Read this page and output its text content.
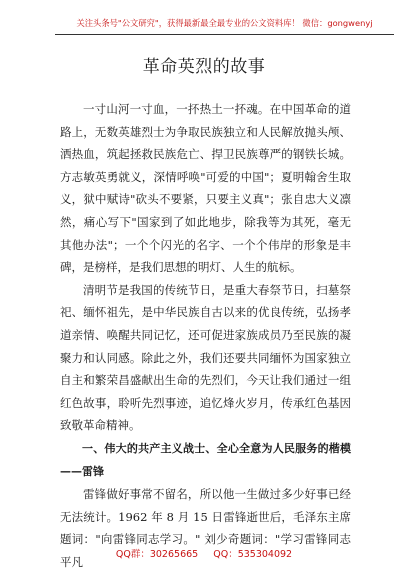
关注头条号"公文研究"，获得最新最全最专业的公文资料库！ 微信：gongwenyj
革命英烈的故事

一寸山河一寸血，一抔热土一抔魂。在中国革命的道路上，无数英雄烈士为争取民族独立和人民解放抛头颅、洒热血，筑起拯救民族危亡、捍卫民族尊严的钢铁长城。方志敏英勇就义，深情呼唤"可爱的中国"；夏明翰舍生取义，狱中赋诗"砍头不要紧，只要主义真"；张自忠大义凛然，痛心写下"国家到了如此地步，除我等为其死，毫无其他办法"；一个个闪光的名字、一个个伟岸的形象是丰碑，是榜样，是我们思想的明灯、人生的航标。

清明节是我国的传统节日，是重大春祭节日，扫墓祭祀、缅怀祖先，是中华民族自古以来的优良传统，弘扬孝道亲情、唤醒共同记忆，还可促进家族成员乃至民族的凝聚力和认同感。除此之外，我们还要共同缅怀为国家独立自主和繁荣昌盛献出生命的先烈们，今天让我们通过一组红色故事，聆听先烈事迹，追忆烽火岁月，传承红色基因致敬革命精神。

一、伟大的共产主义战士、全心全意为人民服务的楷模——雷锋

雷锋做好事常不留名，所以他一生做过多少好事已经无法统计。1962 年 8 月 15 日雷锋逝世后，毛泽东主席题词："向雷锋同志学习。" 刘少奇题词："学习雷锋同志平凡

QQ群：30265665 QQ：535304092
